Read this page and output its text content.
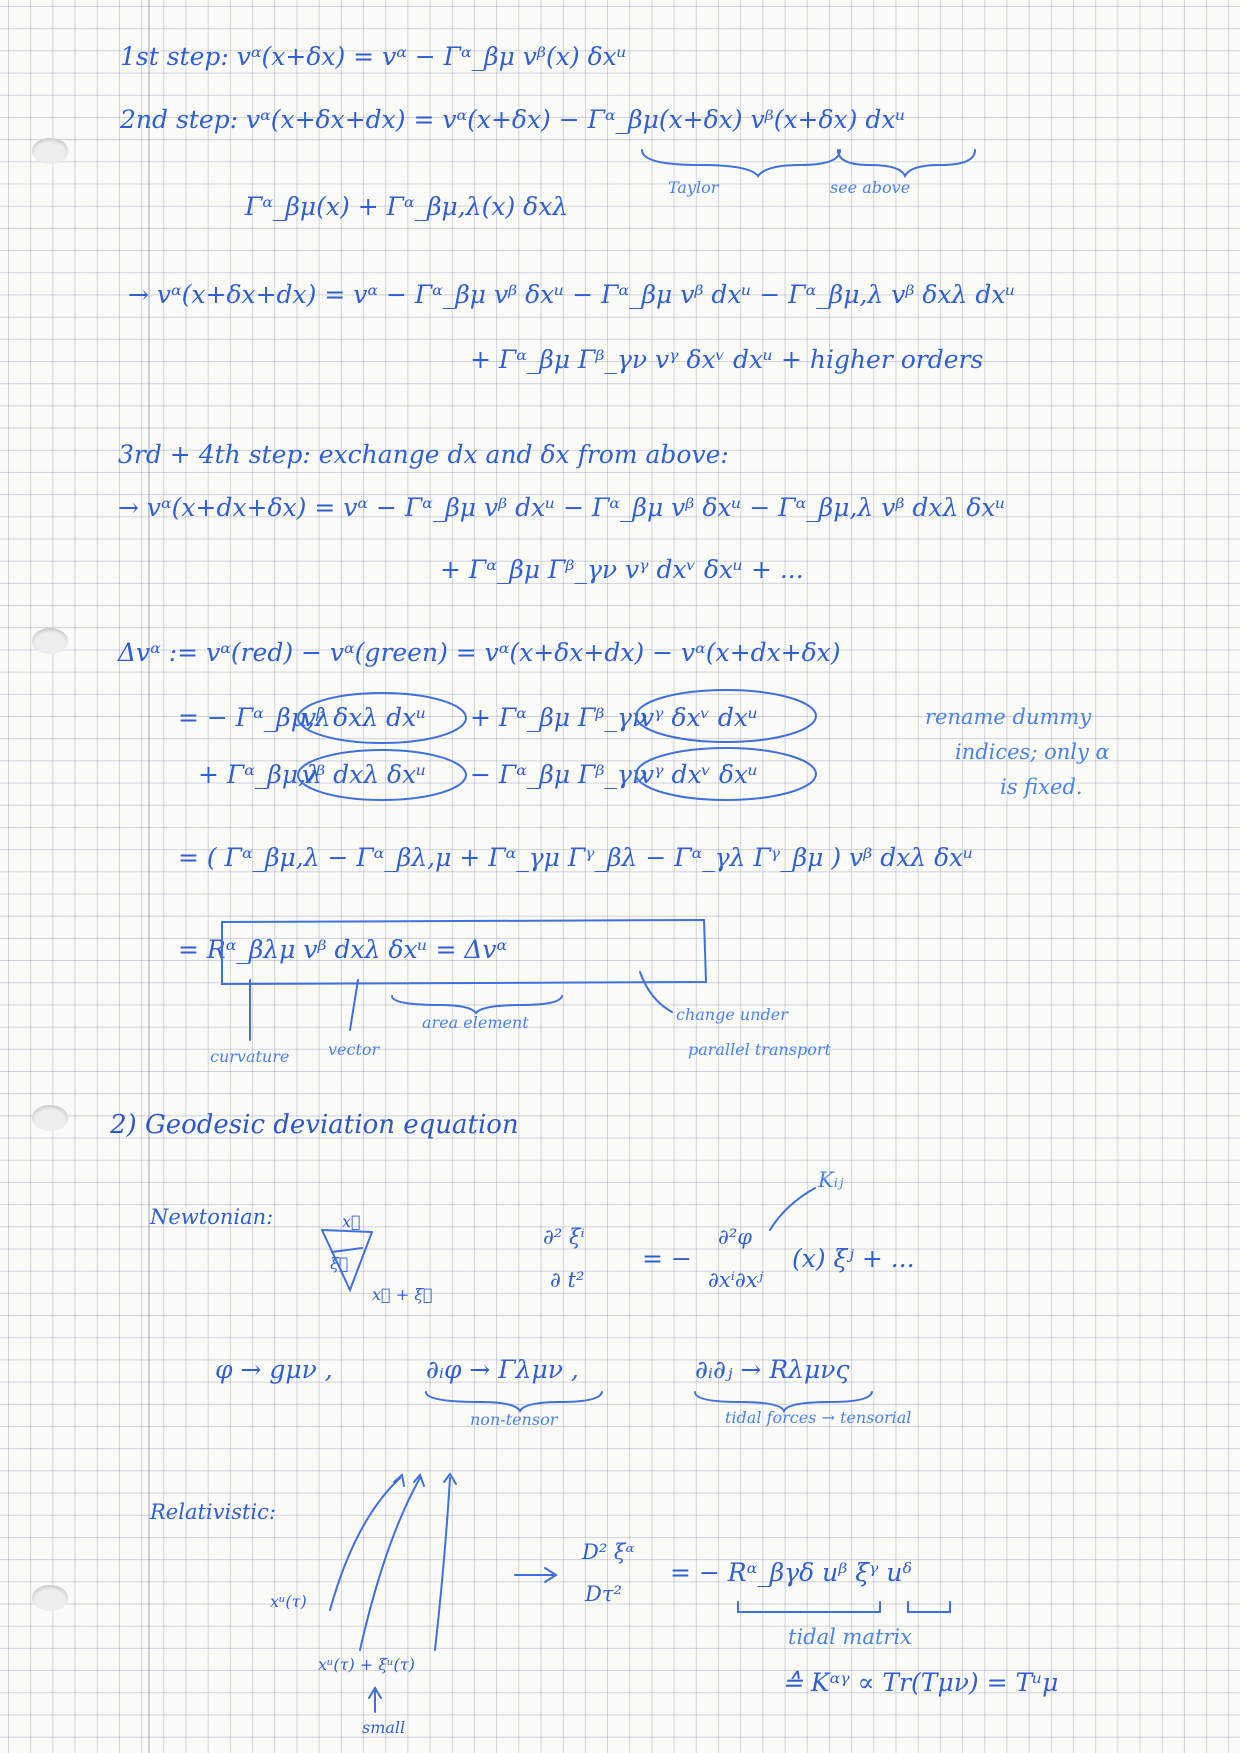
1st step: vᵅ(x+δx) = vᵅ − Γᵅ_βμ vᵝ(x) δxᵘ
2nd step: vᵅ(x+δx+dx) = vᵅ(x+δx) − Γᵅ_βμ(x+δx) vᵝ(x+δx) dxᵘ
Taylor	see above
Γᵅ_βμ(x) + Γᵅ_βμ,λ(x) δxλ
→ vᵅ(x+δx+dx) = vᵅ − Γᵅ_βμ vᵝ δxᵘ − Γᵅ_βμ vᵝ dxᵘ − Γᵅ_βμ,λ vᵝ δxλ dxᵘ
+ Γᵅ_βμ Γᵝ_γν vᵞ δxᵛ dxᵘ + higher orders
3rd + 4th step: exchange dx and δx from above:
→ vᵅ(x+dx+δx) = vᵅ − Γᵅ_βμ vᵝ dxᵘ − Γᵅ_βμ vᵝ δxᵘ − Γᵅ_βμ,λ vᵝ dxλ δxᵘ
+ Γᵅ_βμ Γᵝ_γν vᵞ dxᵛ δxᵘ + ...
Δvᵅ := vᵅ(red) − vᵅ(green) = vᵅ(x+δx+dx) − vᵅ(x+dx+δx)
= − Γᵅ_βμ,λ
vᵝ δxλ dxᵘ + Γᵅ_βμ Γᵝ_γν
vᵞ δxᵛ dxᵘ
+ Γᵅ_βμ,λ
vᵝ dxλ δxᵘ − Γᵅ_βμ Γᵝ_γν
vᵞ dxᵛ δxᵘ
rename dummy
indices; only α
is fixed.
= ( Γᵅ_βμ,λ − Γᵅ_βλ,μ + Γᵅ_γμ Γᵞ_βλ − Γᵅ_γλ Γᵞ_βμ ) vᵝ dxλ δxᵘ
= Rᵅ_βλμ vᵝ dxλ δxᵘ = Δvᵅ
area element	change under
parallel transport
curvature vector
2) Geodesic deviation equation
Newtonian:	x⃗
ξ⃗
x⃗ + ξ⃗
Kᵢⱼ
∂² ξⁱ
∂ t²
= −
∂²φ
∂xⁱ∂xʲ
(x) ξʲ + ...
φ → gμν ,	∂ᵢφ → Γλμν ,	∂ᵢ∂ⱼ → Rλμνς
non-tensor	tidal forces → tensorial
Relativistic:
xᵘ(τ)
xᵘ(τ) + ξᵘ(τ)
small
D² ξᵅ
Dτ²
= − Rᵅ_βγδ uᵝ ξᵞ uᵟ
tidal matrix
≙ Kᵅᵞ ∝ Tr(Tμν) = Tᵘμ
